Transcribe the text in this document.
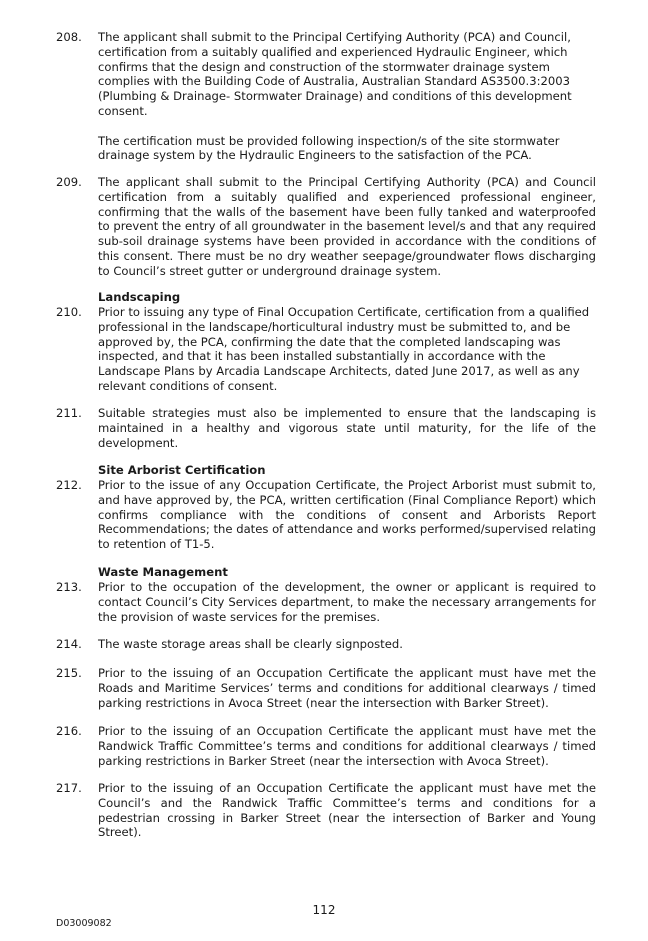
208.	The applicant shall submit to the Principal Certifying Authority (PCA) and Council, certification from a suitably qualified and experienced Hydraulic Engineer, which confirms that the design and construction of the stormwater drainage system complies with the Building Code of Australia, Australian Standard AS3500.3:2003 (Plumbing & Drainage- Stormwater Drainage) and conditions of this development consent.

The certification must be provided following inspection/s of the site stormwater drainage system by the Hydraulic Engineers to the satisfaction of the PCA.

209.	The applicant shall submit to the Principal Certifying Authority (PCA) and Council certification from a suitably qualified and experienced professional engineer, confirming that the walls of the basement have been fully tanked and waterproofed to prevent the entry of all groundwater in the basement level/s and that any required sub-soil drainage systems have been provided in accordance with the conditions of this consent. There must be no dry weather seepage/groundwater flows discharging to Council’s street gutter or underground drainage system.

Landscaping
210.	Prior to issuing any type of Final Occupation Certificate, certification from a qualified professional in the landscape/horticultural industry must be submitted to, and be approved by, the PCA, confirming the date that the completed landscaping was inspected, and that it has been installed substantially in accordance with the Landscape Plans by Arcadia Landscape Architects, dated June 2017, as well as any relevant conditions of consent.

211.	Suitable strategies must also be implemented to ensure that the landscaping is maintained in a healthy and vigorous state until maturity, for the life of the development.

Site Arborist Certification
212.	Prior to the issue of any Occupation Certificate, the Project Arborist must submit to, and have approved by, the PCA, written certification (Final Compliance Report) which confirms compliance with the conditions of consent and Arborists Report Recommendations; the dates of attendance and works performed/supervised relating to retention of T1-5.

Waste Management
213.	Prior to the occupation of the development, the owner or applicant is required to contact Council’s City Services department, to make the necessary arrangements for the provision of waste services for the premises.

214.	The waste storage areas shall be clearly signposted.

215.	Prior to the issuing of an Occupation Certificate the applicant must have met the Roads and Maritime Services’ terms and conditions for additional clearways / timed parking restrictions in Avoca Street (near the intersection with Barker Street).

216.	Prior to the issuing of an Occupation Certificate the applicant must have met the Randwick Traffic Committee’s terms and conditions for additional clearways / timed parking restrictions in Barker Street (near the intersection with Avoca Street).

217.	Prior to the issuing of an Occupation Certificate the applicant must have met the Council’s and the Randwick Traffic Committee’s terms and conditions for a pedestrian crossing in Barker Street (near the intersection of Barker and Young Street).

112
D03009082
